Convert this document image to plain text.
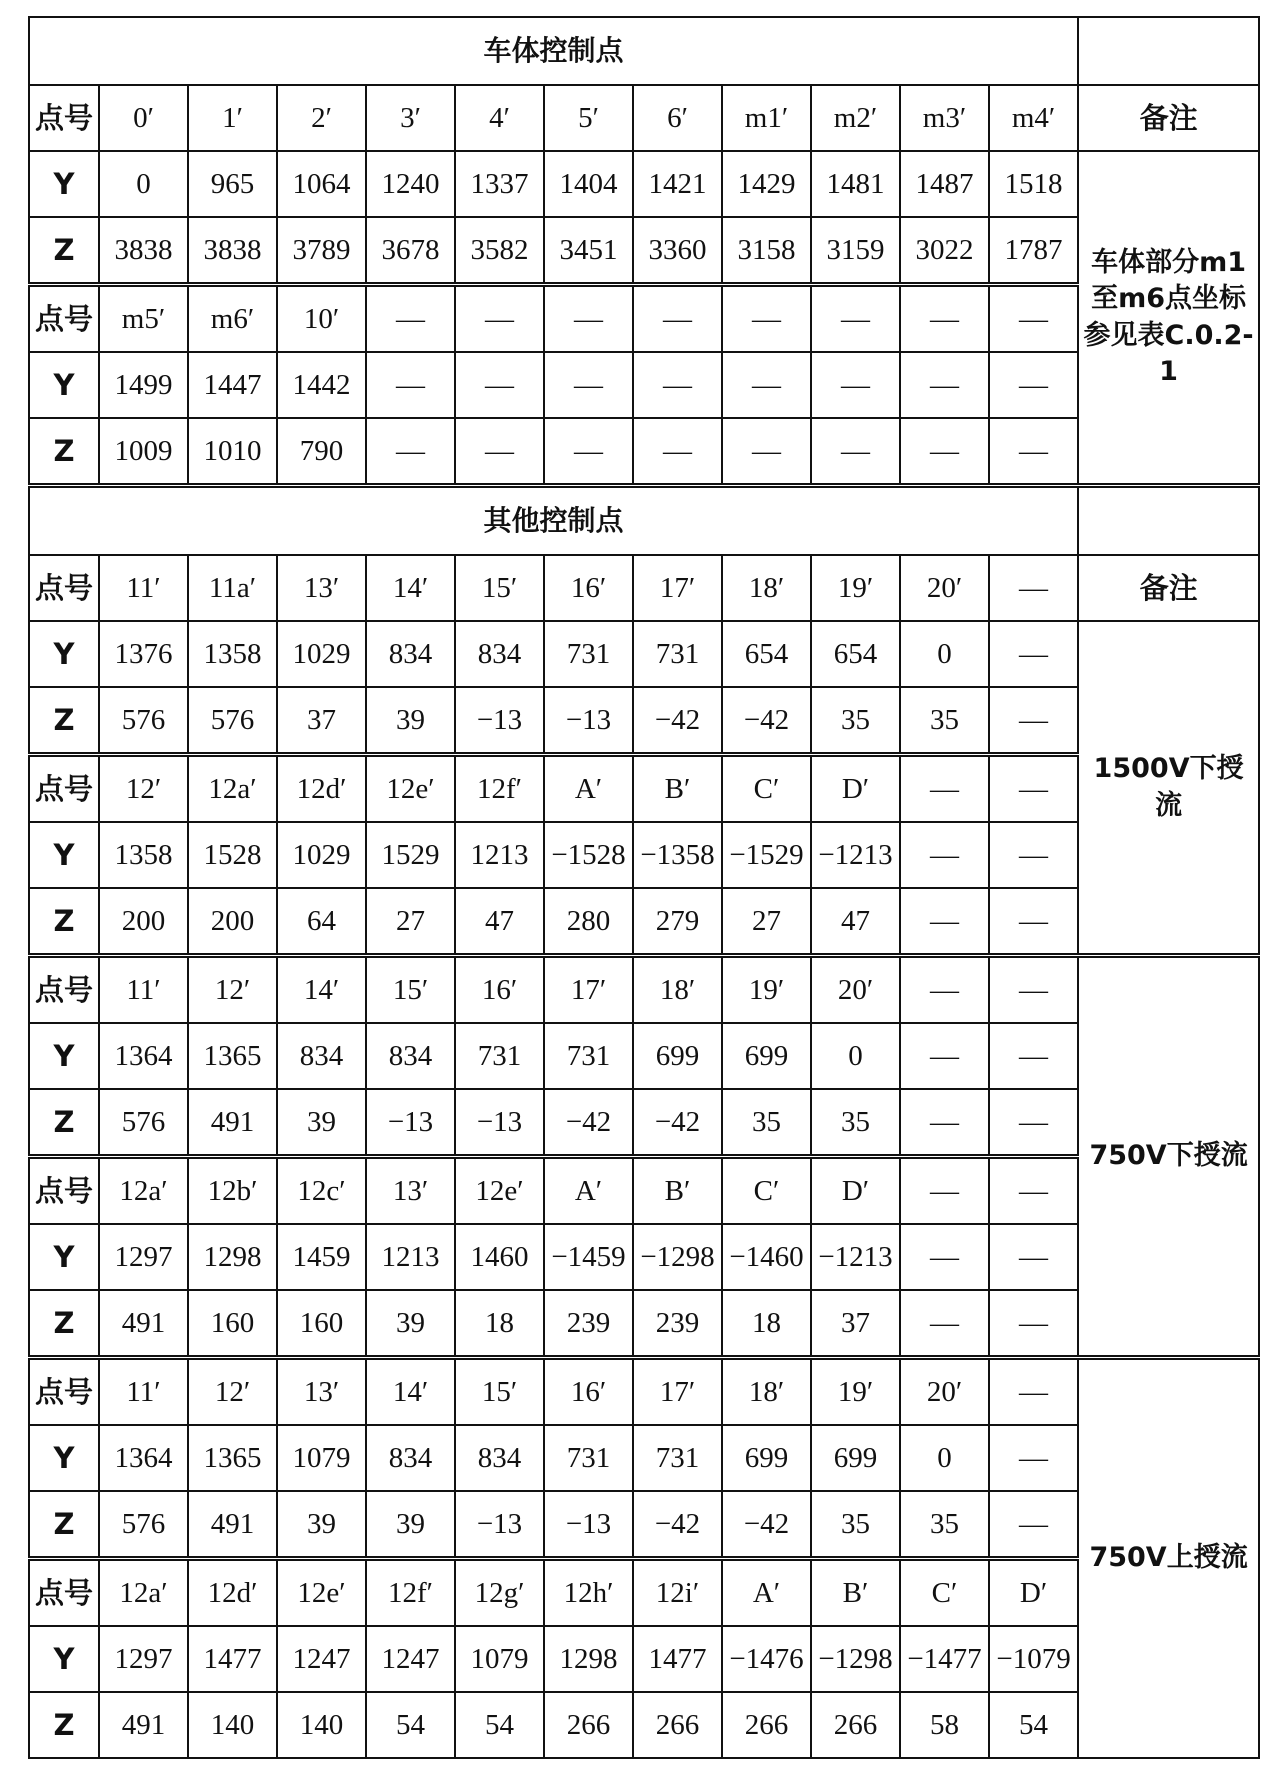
车体控制点												
点号	0′	1′	2′	3′	4′	5′	6′	m1′	m2′	m3′	m4′	备注
Y	0	965	1064	1240	1337	1404	1421	1429	1481	1487	1518	车体部分m1至m6点坐标参见表C.0.2-1
Z	3838	3838	3789	3678	3582	3451	3360	3158	3159	3022	1787	
点号	m5′	m6′	10′	—	—	—	—	—	—	—	—	
Y	1499	1447	1442	—	—	—	—	—	—	—	—	
Z	1009	1010	790	—	—	—	—	—	—	—	—	
其他控制点												
点号	11′	11a′	13′	14′	15′	16′	17′	18′	19′	20′	—	备注
Y	1376	1358	1029	834	834	731	731	654	654	0	—	1500V下授流
Z	576	576	37	39	−13	−13	−42	−42	35	35	—	
点号	12′	12a′	12d′	12e′	12f′	A′	B′	C′	D′	—	—	
Y	1358	1528	1029	1529	1213	−1528	−1358	−1529	−1213	—	—	
Z	200	200	64	27	47	280	279	27	47	—	—	
点号	11′	12′	14′	15′	16′	17′	18′	19′	20′	—	—	750V下授流
Y	1364	1365	834	834	731	731	699	699	0	—	—	
Z	576	491	39	−13	−13	−42	−42	35	35	—	—	
点号	12a′	12b′	12c′	13′	12e′	A′	B′	C′	D′	—	—	
Y	1297	1298	1459	1213	1460	−1459	−1298	−1460	−1213	—	—	
Z	491	160	160	39	18	239	239	18	37	—	—	
点号	11′	12′	13′	14′	15′	16′	17′	18′	19′	20′	—	750V上授流
Y	1364	1365	1079	834	834	731	731	699	699	0	—	
Z	576	491	39	39	−13	−13	−42	−42	35	35	—	
点号	12a′	12d′	12e′	12f′	12g′	12h′	12i′	A′	B′	C′	D′	
Y	1297	1477	1247	1247	1079	1298	1477	−1476	−1298	−1477	−1079	
Z	491	140	140	54	54	266	266	266	266	58	54	
